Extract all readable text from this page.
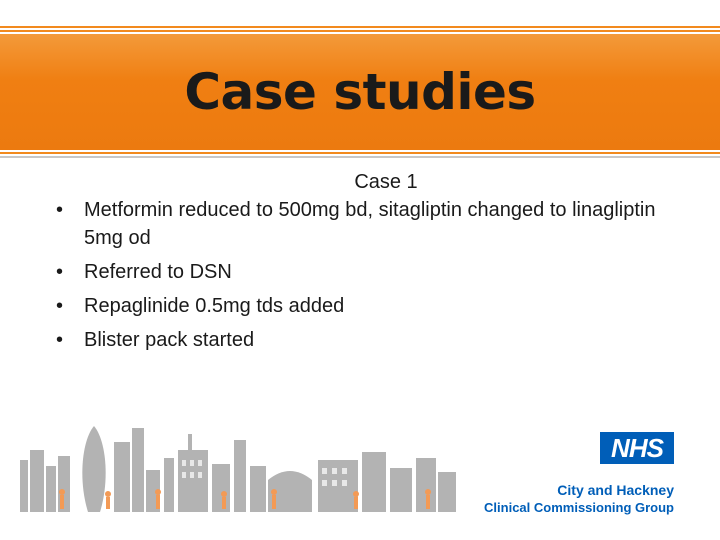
Case studies
Case 1
• Metformin reduced to 500mg bd, sitagliptin changed to linagliptin 5mg od
• Referred to DSN
• Repaglinide 0.5mg tds added
• Blister pack started
NHS
City and Hackney
Clinical Commissioning Group
